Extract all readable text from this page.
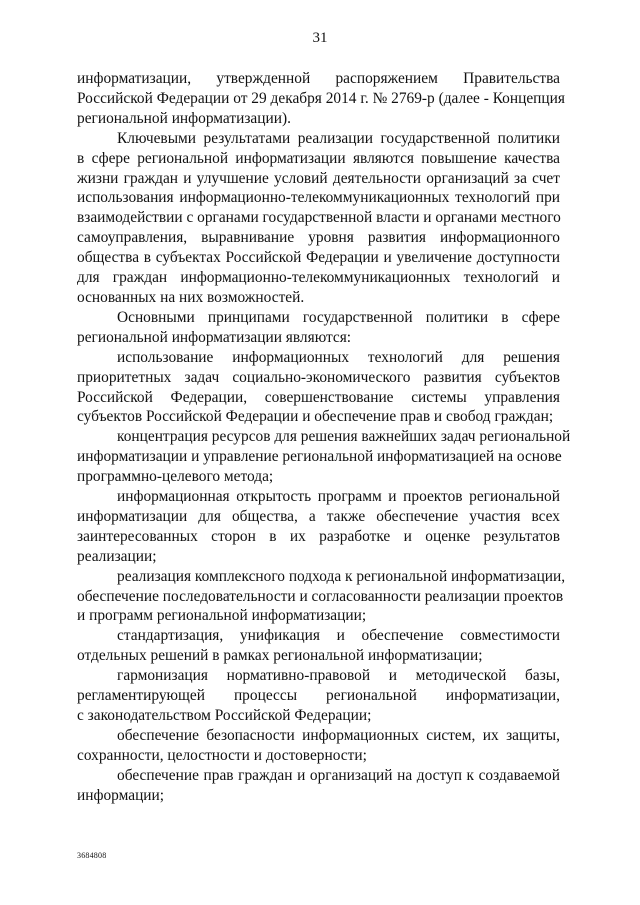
31
информатизации, утвержденной распоряжением Правительства
Российской Федерации от 29 декабря 2014 г. № 2769-р (далее - Концепция
региональной информатизации).
Ключевыми результатами реализации государственной политики
в сфере региональной информатизации являются повышение качества
жизни граждан и улучшение условий деятельности организаций за счет
использования информационно-телекоммуникационных технологий при
взаимодействии с органами государственной власти и органами местного
самоуправления, выравнивание уровня развития информационного
общества в субъектах Российской Федерации и увеличение доступности
для граждан информационно-телекоммуникационных технологий и
основанных на них возможностей.
Основными принципами государственной политики в сфере
региональной информатизации являются:
использование информационных технологий для решения
приоритетных задач социально-экономического развития субъектов
Российской Федерации, совершенствование системы управления
субъектов Российской Федерации и обеспечение прав и свобод граждан;
концентрация ресурсов для решения важнейших задач региональной
информатизации и управление региональной информатизацией на основе
программно-целевого метода;
информационная открытость программ и проектов региональной
информатизации для общества, а также обеспечение участия всех
заинтересованных сторон в их разработке и оценке результатов
реализации;
реализация комплексного подхода к региональной информатизации,
обеспечение последовательности и согласованности реализации проектов
и программ региональной информатизации;
стандартизация, унификация и обеспечение совместимости
отдельных решений в рамках региональной информатизации;
гармонизация нормативно-правовой и методической базы,
регламентирующей процессы региональной информатизации,
с законодательством Российской Федерации;
обеспечение безопасности информационных систем, их защиты,
сохранности, целостности и достоверности;
обеспечение прав граждан и организаций на доступ к создаваемой
информации;
3684808
